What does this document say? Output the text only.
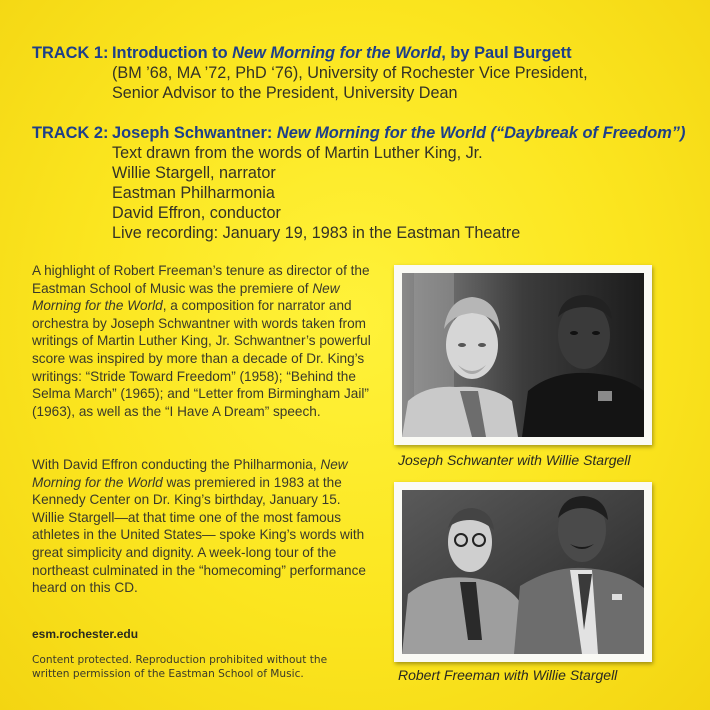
TRACK 1: Introduction to New Morning for the World, by Paul Burgett
(BM ’68, MA ’72, PhD ‘76), University of Rochester Vice President,
Senior Advisor to the President, University Dean
TRACK 2: Joseph Schwantner: New Morning for the World (“Daybreak of Freedom”)
Text drawn from the words of Martin Luther King, Jr.
Willie Stargell, narrator
Eastman Philharmonia
David Effron, conductor
Live recording: January 19, 1983 in the Eastman Theatre
A highlight of Robert Freeman’s tenure as director of the Eastman School of Music was the premiere of New Morning for the World, a composition for narrator and orchestra by Joseph Schwantner with words taken from writings of Martin Luther King, Jr. Schwantner’s powerful score was inspired by more than a decade of Dr. King’s writings: “Stride Toward Freedom” (1958); “Behind the Selma March” (1965); and “Letter from Birmingham Jail” (1963), as well as the “I Have A Dream” speech.
With David Effron conducting the Philharmonia, New Morning for the World was premiered in 1983 at the Kennedy Center on Dr. King’s birthday, January 15. Willie Stargell—at that time one of the most famous athletes in the United States— spoke King’s words with great simplicity and dignity. A week-long tour of the northeast culminated in the “homecoming” performance heard on this CD.
Joseph Schwanter with Willie Stargell
Robert Freeman with Willie Stargell
esm.rochester.edu
Content protected. Reproduction prohibited without the written permission of the Eastman School of Music.
